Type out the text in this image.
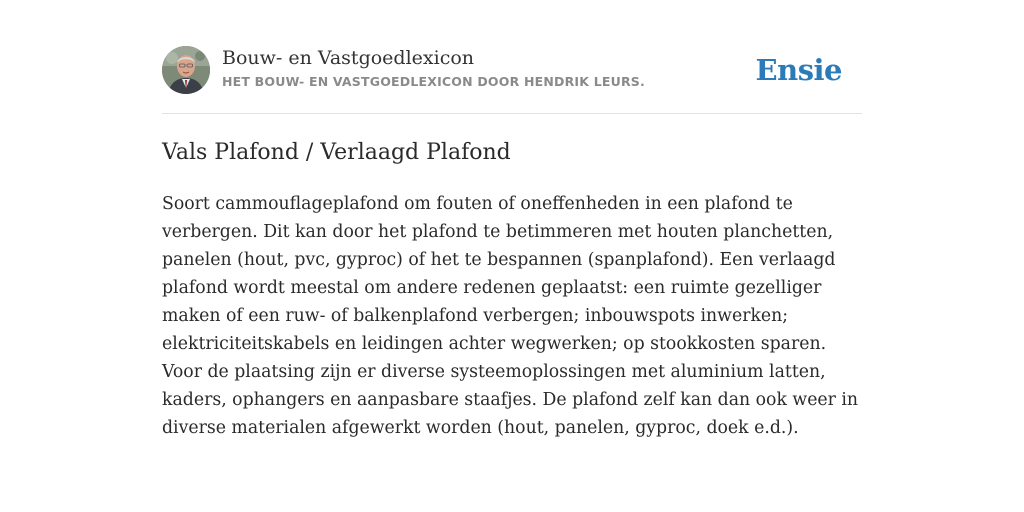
Bouw- en Vastgoedlexicon
HET BOUW- EN VASTGOEDLEXICON DOOR HENDRIK LEURS.	Ensie
Vals Plafond / Verlaagd Plafond

Soort cammouflageplafond om fouten of oneffenheden in een plafond te verbergen. Dit kan door het plafond te betimmeren met houten planchetten, panelen (hout, pvc, gyproc) of het te bespannen (spanplafond). Een verlaagd plafond wordt meestal om andere redenen geplaatst: een ruimte gezelliger maken of een ruw- of balkenplafond verbergen; inbouwspots inwerken; elektriciteitskabels en leidingen achter wegwerken; op stookkosten sparen. Voor de plaatsing zijn er diverse systeemoplossingen met aluminium latten, kaders, ophangers en aanpasbare staafjes. De plafond zelf kan dan ook weer in diverse materialen afgewerkt worden (hout, panelen, gyproc, doek e.d.).
